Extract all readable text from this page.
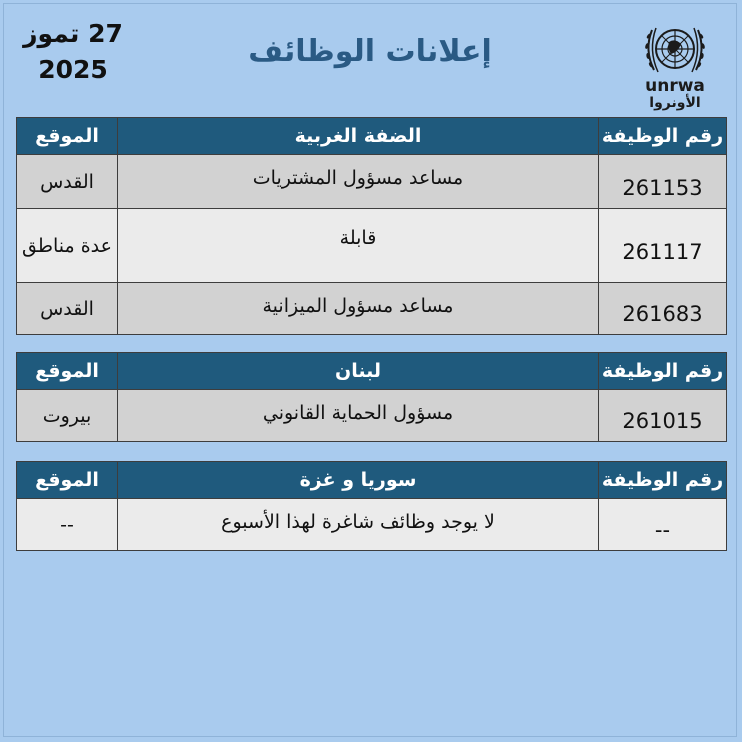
27 تموز
2025
إعلانات الوظائف
unrwa
الأونروا
رقم الوظيفة	الضفة الغربية	الموقع
261153	مساعد مسؤول المشتريات	القدس
261117	قابلة	عدة مناطق
261683	مساعد مسؤول الميزانية	القدس
رقم الوظيفة	لبنان	الموقع
261015	مسؤول الحماية القانوني	بيروت
رقم الوظيفة	سوريا و غزة	الموقع
--	لا يوجد وظائف شاغرة لهذا الأسبوع	--
